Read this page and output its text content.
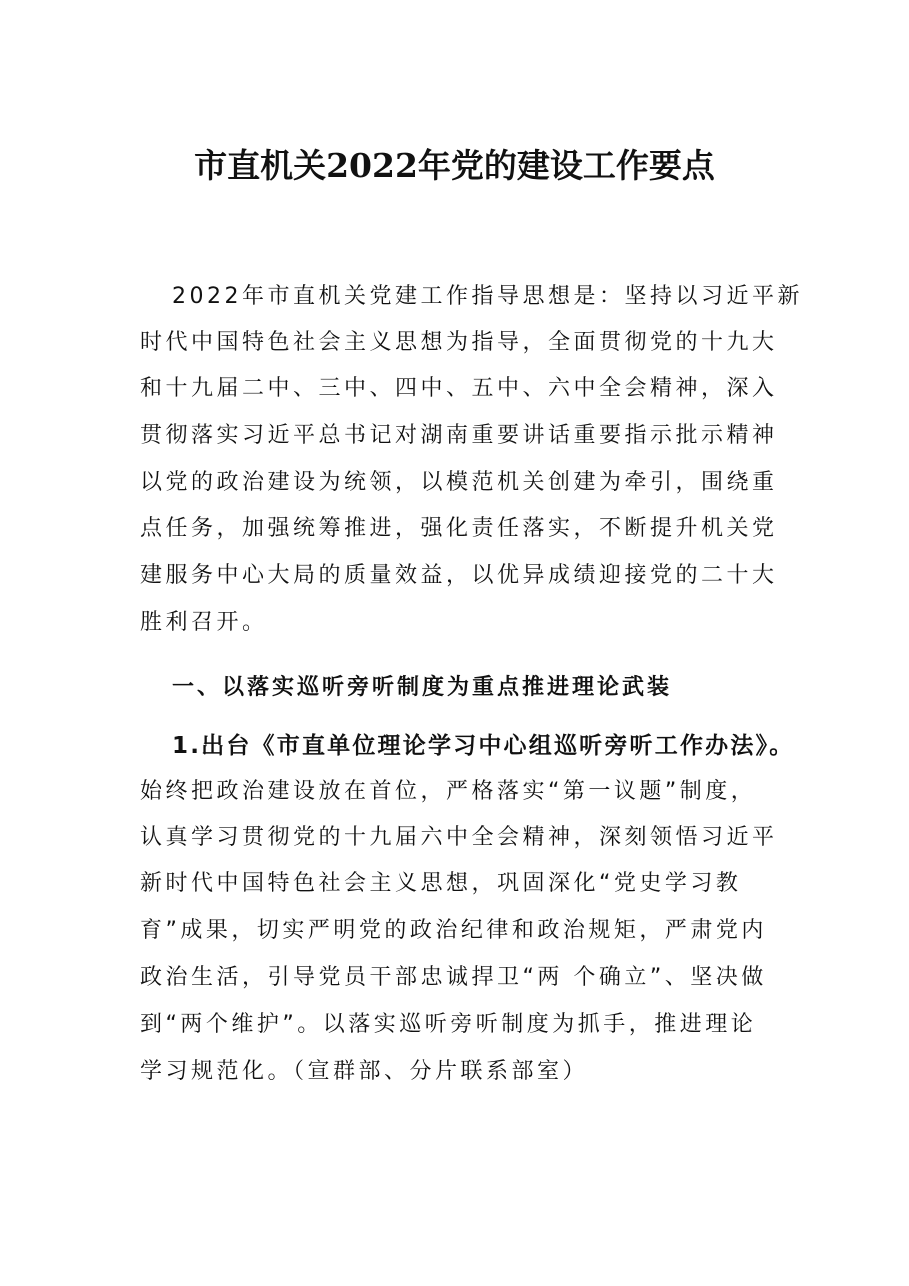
市直机关2022年党的建设工作要点
2022年市直机关党建工作指导思想是：坚持以习近平新
时代中国特色社会主义思想为指导，全面贯彻党的十九大
和十九届二中、三中、四中、五中、六中全会精神，深入
贯彻落实习近平总书记对湖南重要讲话重要指示批示精神
以党的政治建设为统领，以模范机关创建为牵引，围绕重
点任务，加强统筹推进，强化责任落实，不断提升机关党
建服务中心大局的质量效益，以优异成绩迎接党的二十大
胜利召开。
一、以落实巡听旁听制度为重点推进理论武装
1.出台《市直单位理论学习中心组巡听旁听工作办法》。
始终把政治建设放在首位，严格落实“第一议题”制度，
认真学习贯彻党的十九届六中全会精神，深刻领悟习近平
新时代中国特色社会主义思想，巩固深化“党史学习教
育”成果，切实严明党的政治纪律和政治规矩，严肃党内
政治生活，引导党员干部忠诚捍卫“两 个确立”、坚决做
到“两个维护”。以落实巡听旁听制度为抓手，推进理论
学习规范化。（宣群部、分片联系部室）
